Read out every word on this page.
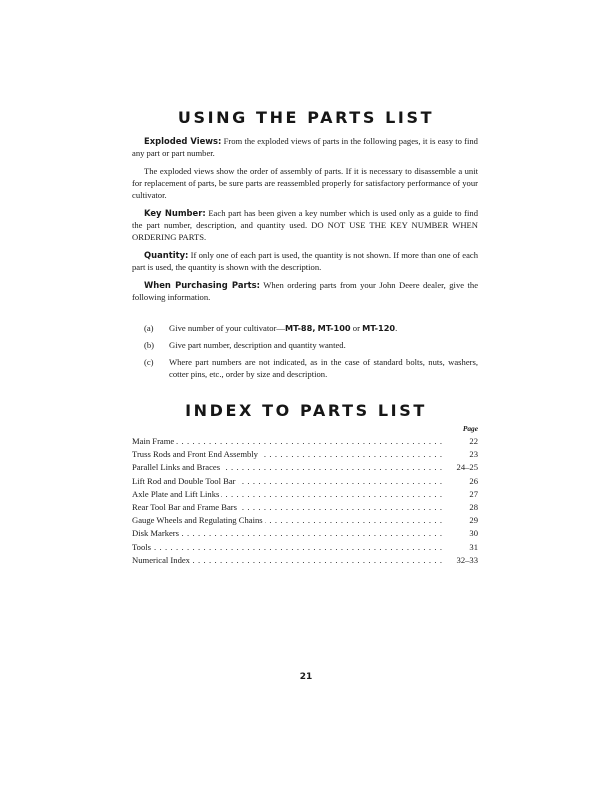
USING THE PARTS LIST

Exploded Views: From the exploded views of parts in the following pages, it is easy to find any part or part number.

The exploded views show the order of assembly of parts. If it is necessary to disassemble a unit for replacement of parts, be sure parts are reassembled properly for satisfactory performance of your cultivator.

Key Number: Each part has been given a key number which is used only as a guide to find the part number, description, and quantity used. DO NOT USE THE KEY NUMBER WHEN ORDERING PARTS.

Quantity: If only one of each part is used, the quantity is not shown. If more than one of each part is used, the quantity is shown with the description.

When Purchasing Parts: When ordering parts from your John Deere dealer, give the following information.

(a) Give number of your cultivator—MT-88, MT-100 or MT-120.
(b) Give part number, description and quantity wanted.
(c) Where part numbers are not indicated, as in the case of standard bolts, nuts, washers, cotter pins, etc., order by size and description.
INDEX TO PARTS LIST
Page
Main Frame . . .	22
Truss Rods and Front End Assembly . . .	23
Parallel Links and Braces . . .	24–25
Lift Rod and Double Tool Bar . . .	26
Axle Plate and Lift Links . . .	27
Rear Tool Bar and Frame Bars . . .	28
Gauge Wheels and Regulating Chains . . .	29
Disk Markers . . .	30
Tools . . .	31
Numerical Index . . .	32–33
21
